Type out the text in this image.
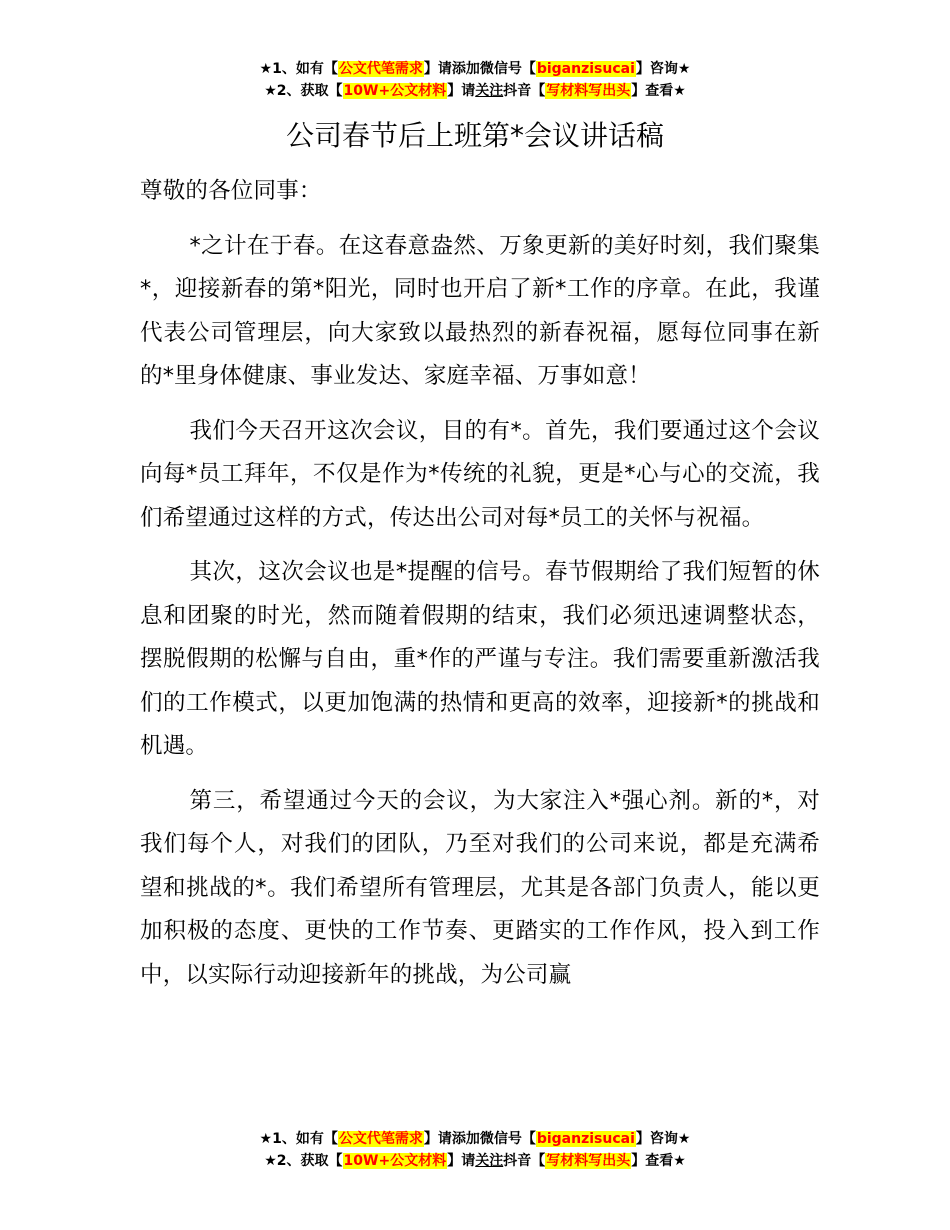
★1、如有【公文代笔需求】请添加微信号【biganzisucai】咨询★
★2、获取【10W+公文材料】请关注抖音【写材料写出头】查看★
公司春节后上班第*会议讲话稿

尊敬的各位同事：

*之计在于春。在这春意盎然、万象更新的美好时刻，我们聚集*，迎接新春的第*阳光，同时也开启了新*工作的序章。在此，我谨代表公司管理层，向大家致以最热烈的新春祝福，愿每位同事在新的*里身体健康、事业发达、家庭幸福、万事如意！

我们今天召开这次会议，目的有*。首先，我们要通过这个会议向每*员工拜年，不仅是作为*传统的礼貌，更是*心与心的交流，我们希望通过这样的方式，传达出公司对每*员工的关怀与祝福。

其次，这次会议也是*提醒的信号。春节假期给了我们短暂的休息和团聚的时光，然而随着假期的结束，我们必须迅速调整状态，摆脱假期的松懈与自由，重*作的严谨与专注。我们需要重新激活我们的工作模式，以更加饱满的热情和更高的效率，迎接新*的挑战和机遇。

第三，希望通过今天的会议，为大家注入*强心剂。新的*，对我们每个人，对我们的团队，乃至对我们的公司来说，都是充满希望和挑战的*。我们希望所有管理层，尤其是各部门负责人，能以更加积极的态度、更快的工作节奏、更踏实的工作作风，投入到工作中，以实际行动迎接新年的挑战，为公司赢

★1、如有【公文代笔需求】请添加微信号【biganzisucai】咨询★
★2、获取【10W+公文材料】请关注抖音【写材料写出头】查看★
